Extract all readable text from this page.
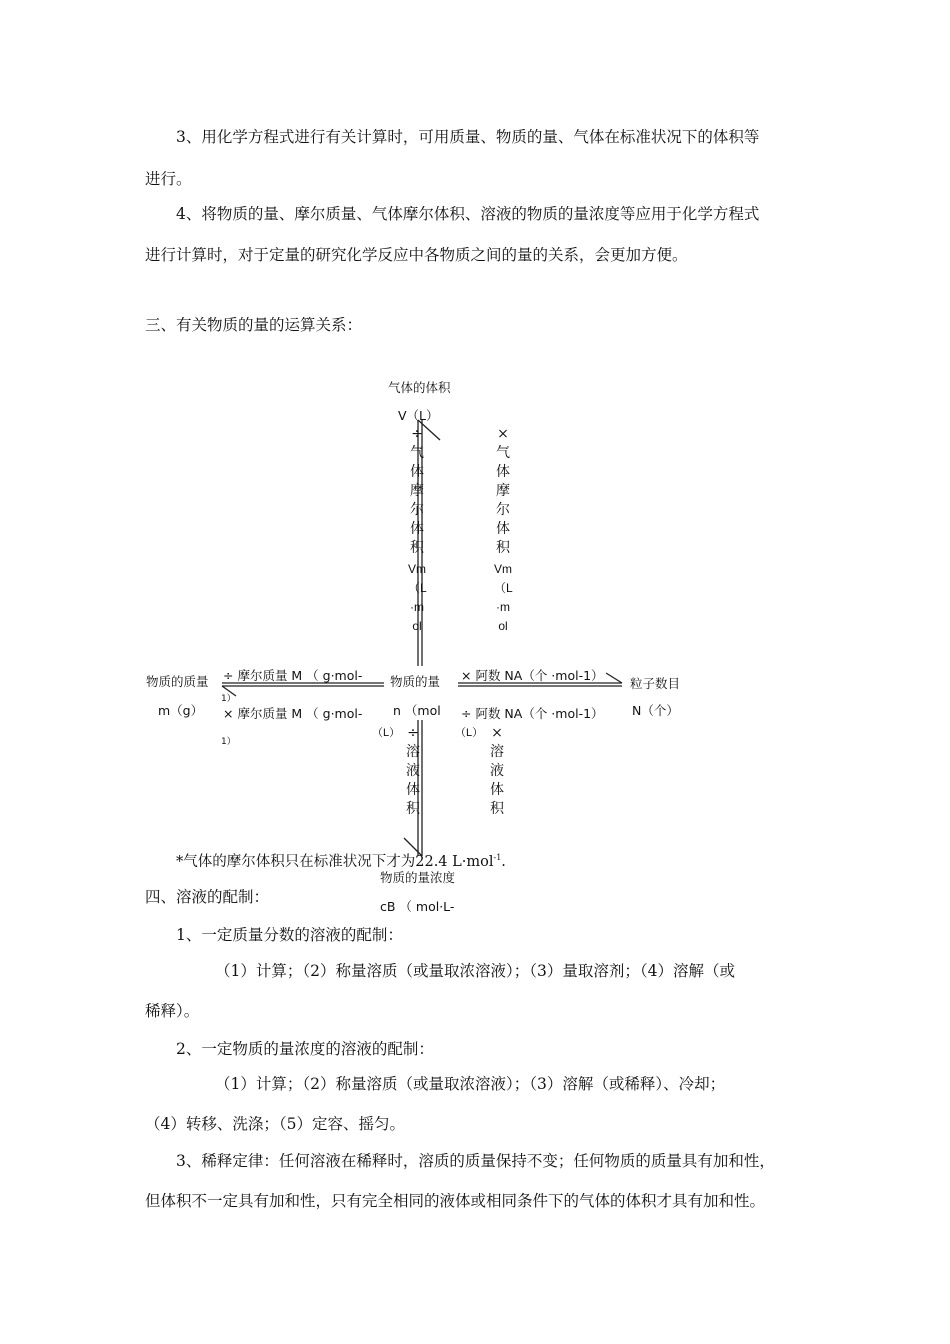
3、用化学方程式进行有关计算时，可用质量、物质的量、气体在标准状况下的体积等
进行。
4、将物质的量、摩尔质量、气体摩尔体积、溶液的物质的量浓度等应用于化学方程式
进行计算时，对于定量的研究化学反应中各物质之间的量的关系，会更加方便。
三、有关物质的量的运算关系：
气体的体积
V（L）
物质的质量
m（g）
物质的量
n （mol
粒子数目
N（个）
物质的量浓度
cB （ mol·L-
÷ 摩尔质量 M （ g·mol-
× 摩尔质量 M （ g·mol-
1）
1）
× 阿数 NA（个 ·mol-1）
÷ 阿数 NA（个 ·mol-1）
÷气体摩尔体积
Vm（L·mol
×气体摩尔体积
Vm（L·mol
÷溶液体积
（L）	×溶液体积
（L）
*气体的摩尔体积只在标准状况下才为22.4 L·mol$^{-1}$.
四、溶液的配制：
1、一定质量分数的溶液的配制：
（1）计算；（2）称量溶质（或量取浓溶液）；（3）量取溶剂；（4）溶解（或
稀释）。
2、一定物质的量浓度的溶液的配制：
（1）计算；（2）称量溶质（或量取浓溶液）；（3）溶解（或稀释）、冷却；
（4）转移、洗涤；（5）定容、摇匀。
3、稀释定律：任何溶液在稀释时，溶质的质量保持不变；任何物质的质量具有加和性，
但体积不一定具有加和性，只有完全相同的液体或相同条件下的气体的体积才具有加和性。
